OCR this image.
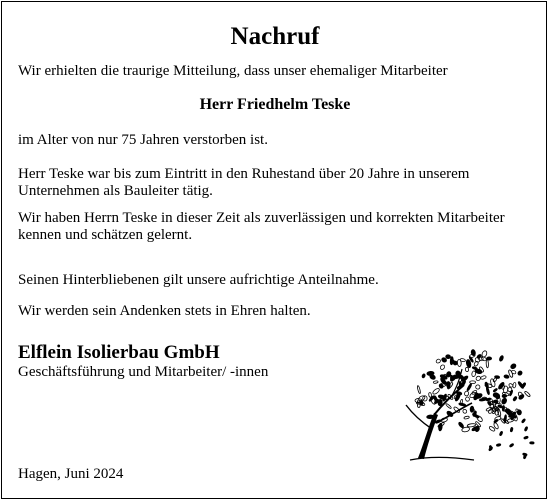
Nachruf
Wir erhielten die traurige Mitteilung, dass unser ehemaliger Mitarbeiter
Herr Friedhelm Teske
im Alter von nur 75 Jahren verstorben ist.
Herr Teske war bis zum Eintritt in den Ruhestand über 20 Jahre in unserem Unternehmen als Bauleiter tätig.
Wir haben Herrn Teske in dieser Zeit als zuverlässigen und korrekten Mitarbeiter kennen und schätzen gelernt.
Seinen Hinterbliebenen gilt unsere aufrichtige Anteilnahme.
Wir werden sein Andenken stets in Ehren halten.
Elflein Isolierbau GmbH
Geschäftsführung und Mitarbeiter/ -innen
Hagen, Juni 2024
